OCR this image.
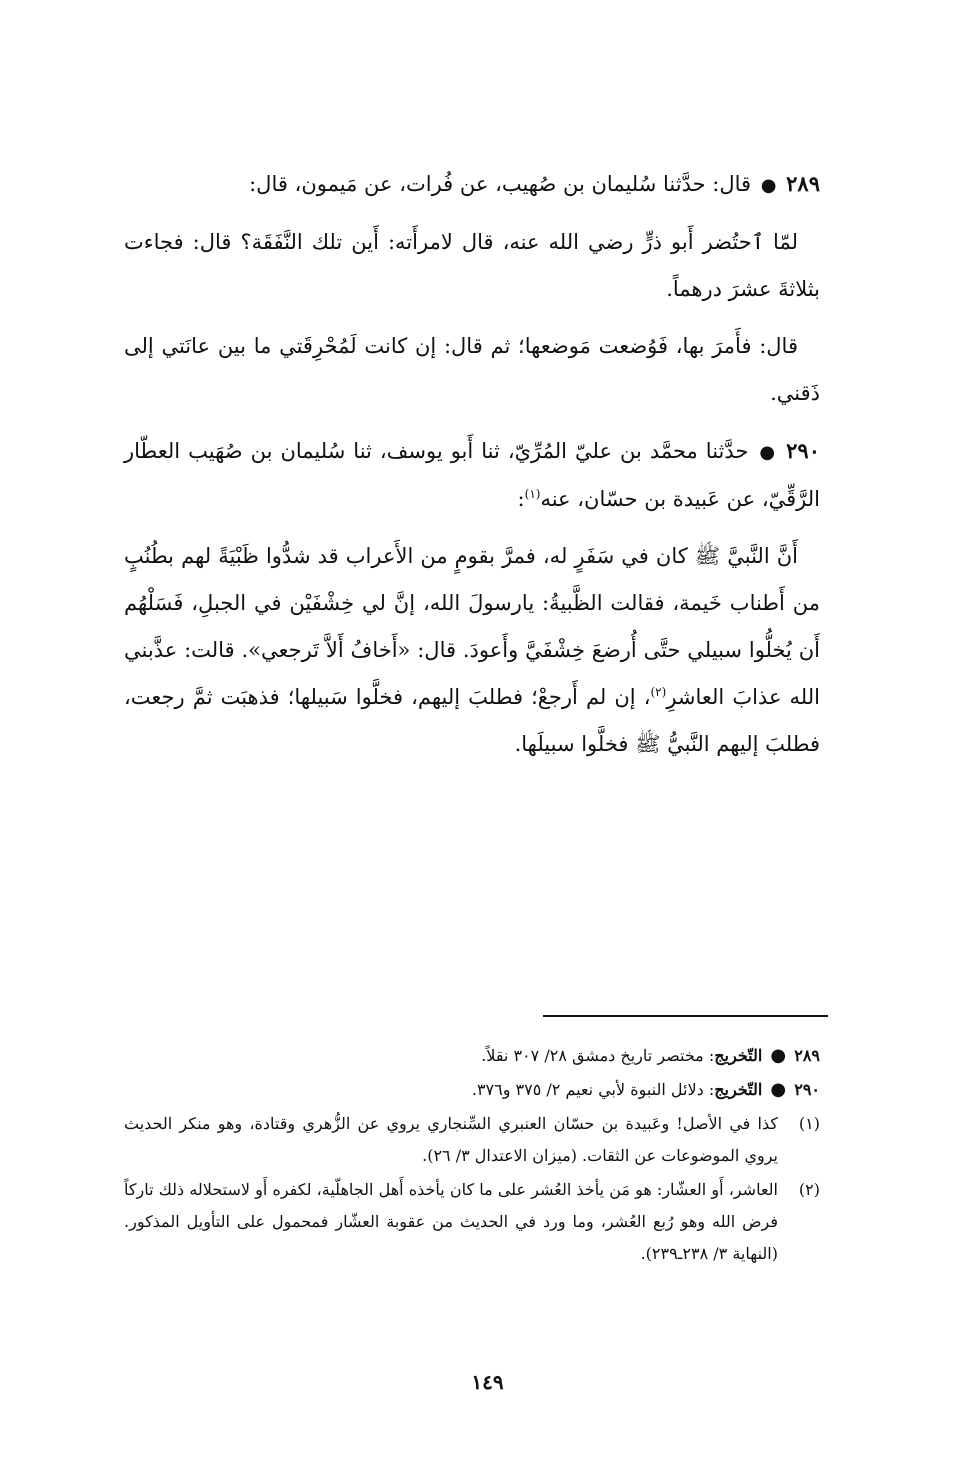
٢٨٩ ● قال: حدَّثنا سُليمان بن صُهيب، عن فُرات، عن مَيمون، قال:

لمّا ٱحتُضر أَبو ذرٍّ رضي الله عنه، قال لامرأَته: أَين تلك النَّفَقَة؟ قال: فجاءت بثلاثةَ عشرَ درهماً.

قال: فأَمرَ بها، فَوُضعت مَوضعها؛ ثم قال: إن كانت لَمُحْرِقَتي ما بين عانَتي إلى ذَقني.

٢٩٠ ● حدَّثنا محمَّد بن عليّ المُرِّيّ، ثنا أَبو يوسف، ثنا سُليمان بن صُهَيب العطّار الرَّقِّيّ، عن عَبيدة بن حسّان، عنه$^{(١)}$:

أَنَّ النَّبيَّ ﷺ كان في سَفَرٍ له، فمرَّ بقومٍ من الأَعراب قد شدُّوا ظَبْيَةً لهم بطُنُبٍ من أَطناب خَيمة، فقالت الظَّبيةُ: يارسولَ الله، إنَّ لي خِشْفَيْن في الجبلِ، فَسَلْهُم أَن يُخلُّوا سبيلي حتَّى أُرضعَ خِشْفَيَّ وأَعودَ. قال: «أَخافُ أَلاَّ تَرجعي». قالت: عذَّبني الله عذابَ العاشرِ$^{(٢)}$، إن لم أَرجعْ؛ فطلبَ إليهم، فخلَّوا سَبيلها؛ فذهبَت ثمَّ رجعت، فطلبَ إليهم النَّبيُّ ﷺ فخلَّوا سبيلَها.

٢٨٩ ● التّخريج: مختصر تاريخ دمشق ٢٨/ ٣٠٧ نقلاً.

٢٩٠ ● التّخريج: دلائل النبوة لأبي نعيم ٢/ ٣٧٥ و٣٧٦.

(١)
كذا في الأصل! وعَبيدة بن حسّان العنبري السِّنجاري يروي عن الزُّهري وقتادة، وهو منكر الحديث يروي الموضوعات عن الثقات. (ميزان الاعتدال ٣/ ٢٦).
(٢)
العاشر، أَو العشّار: هو مَن يأخذ العُشر على ما كان يأخذه أَهل الجاهلّية، لكفره أَو لاستحلاله ذلك تاركاً فرض الله وهو رُبع العُشر، وما ورد في الحديث من عقوبة العشّار فمحمول على التأويل المذكور. (النهاية ٣/ ٢٣٨ـ٢٣٩).
١٤٩
